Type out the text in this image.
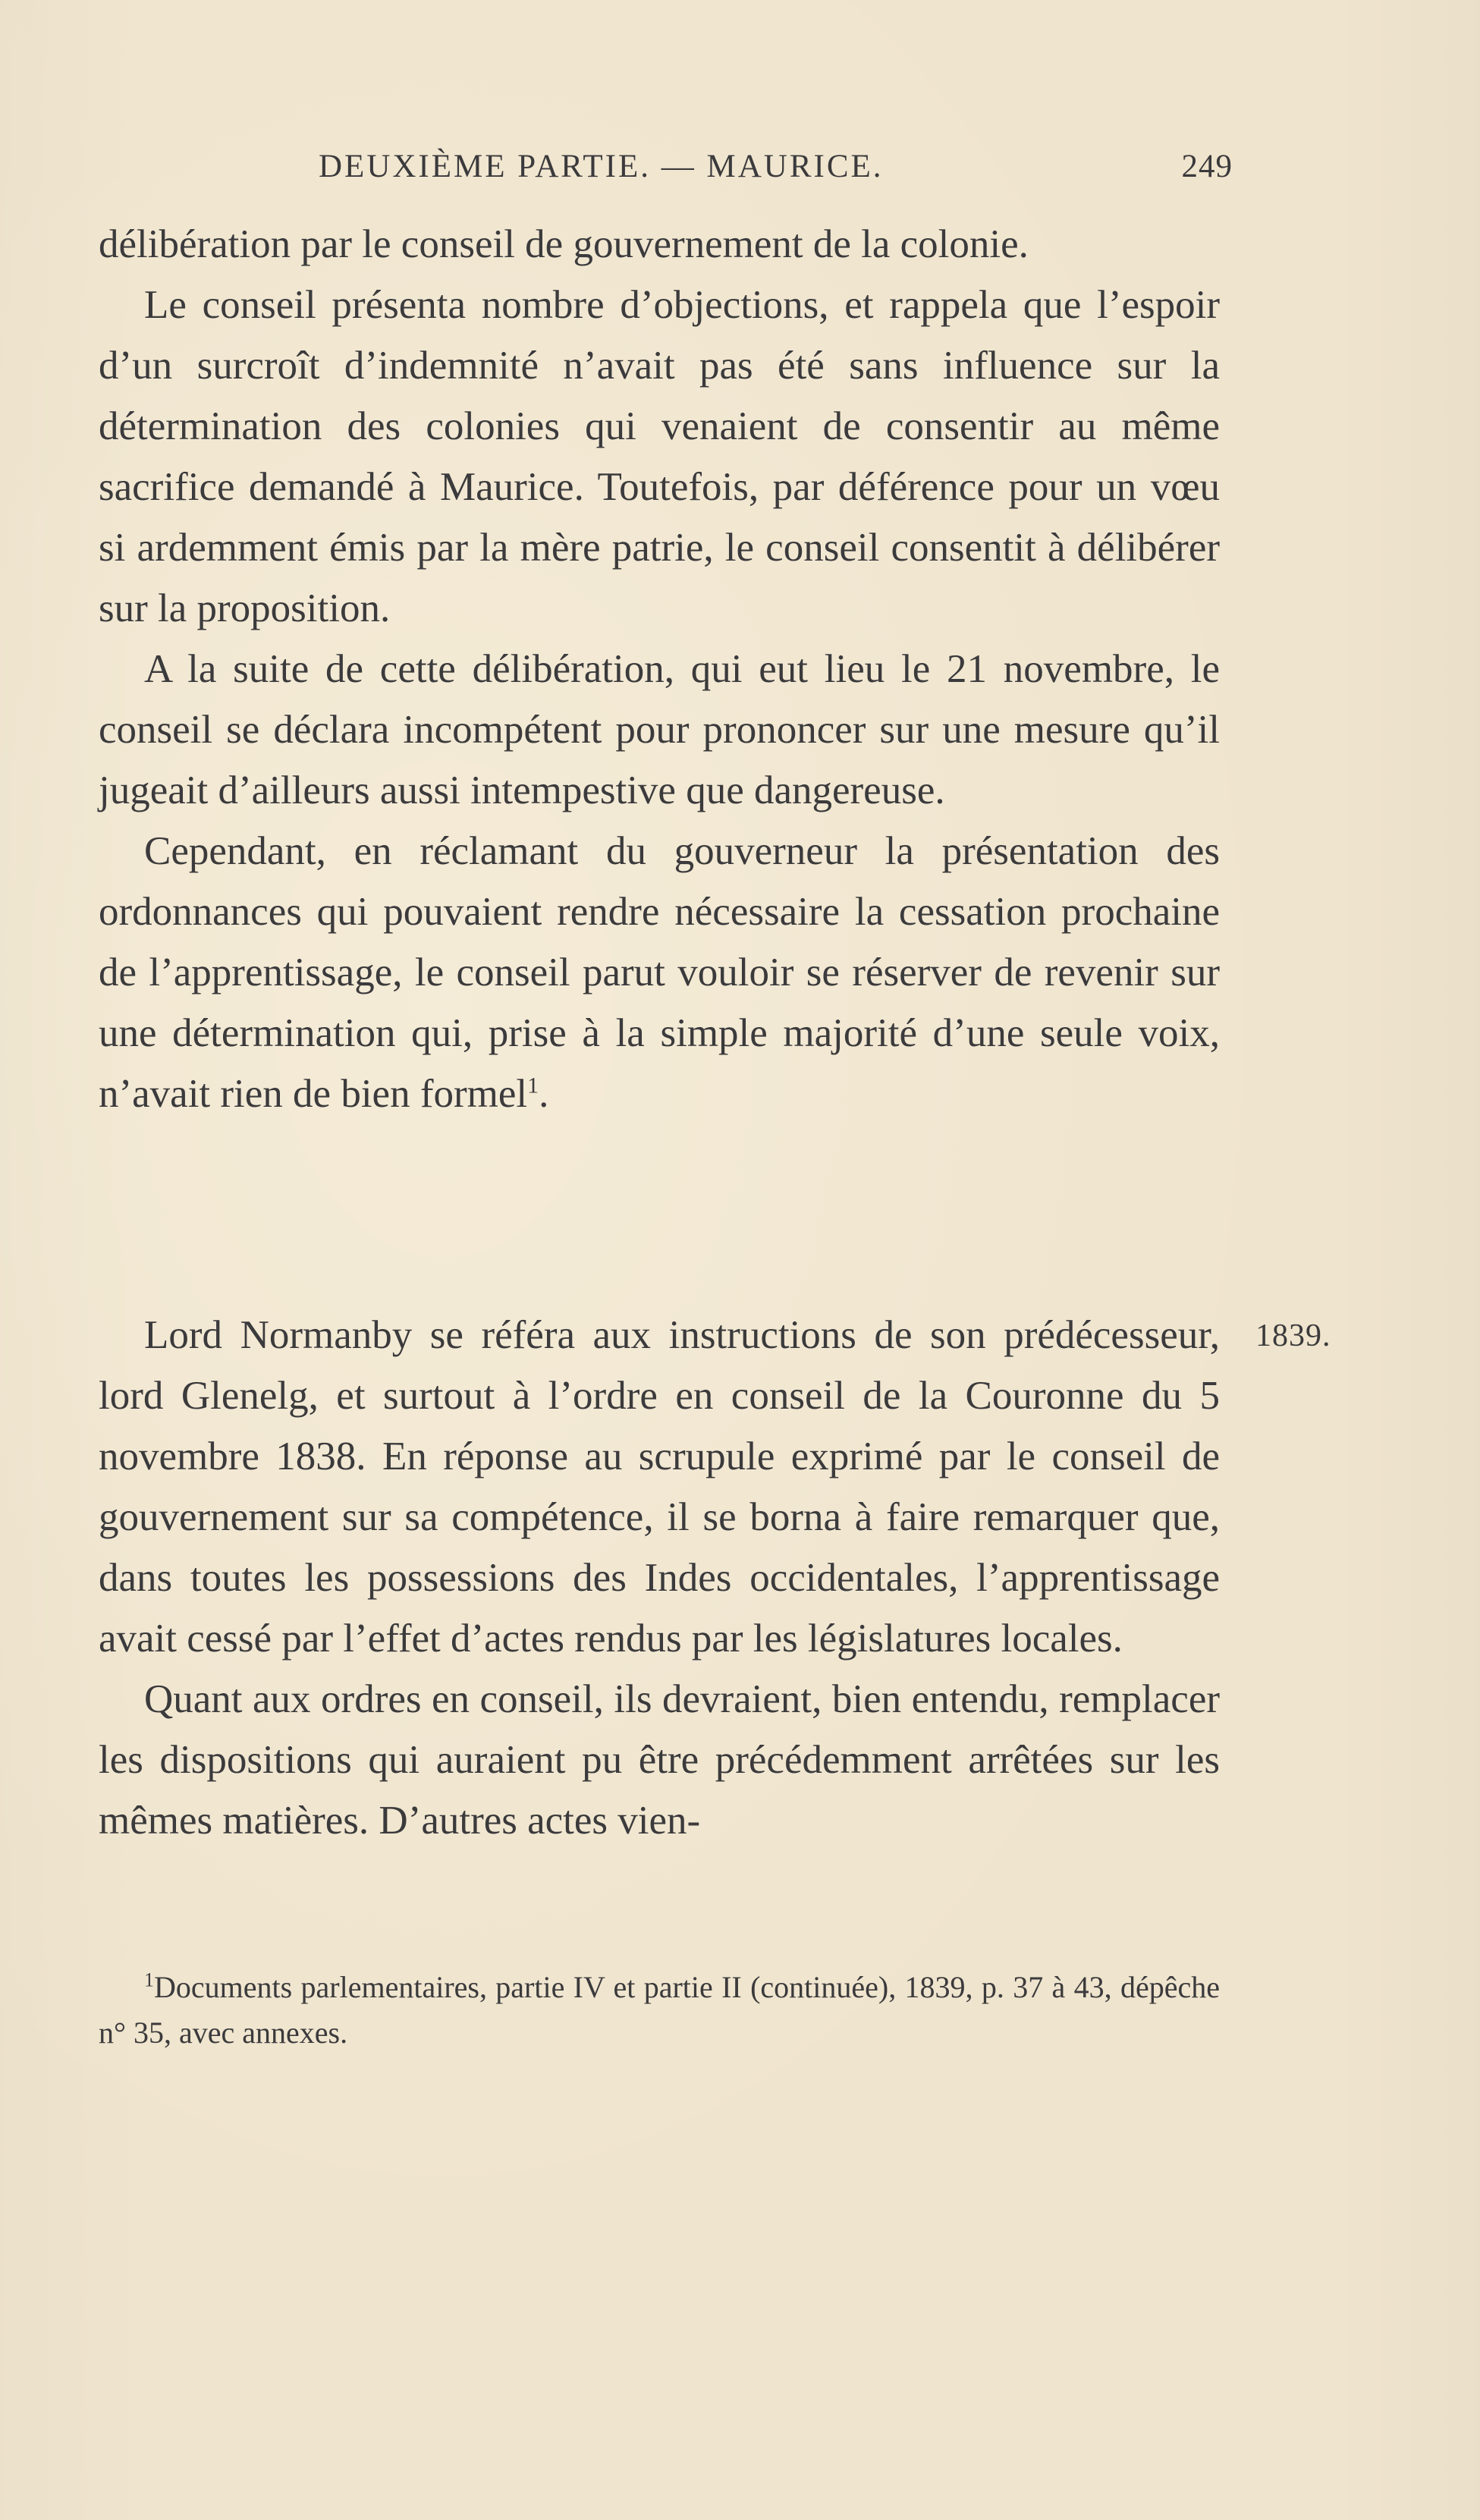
DEUXIÈME PARTIE. — MAURICE.	249

délibération par le conseil de gouvernement de la colonie.

Le conseil présenta nombre d’objections, et rappela que l’espoir d’un surcroît d’indemnité n’avait pas été sans influence sur la détermination des colonies qui venaient de consentir au même sacrifice demandé à Maurice. Toutefois, par déférence pour un vœu si ardemment émis par la mère patrie, le conseil consentit à délibérer sur la proposition.

A la suite de cette délibération, qui eut lieu le 21 novembre, le conseil se déclara incompétent pour prononcer sur une mesure qu’il jugeait d’ailleurs aussi intempestive que dangereuse.

Cependant, en réclamant du gouverneur la présentation des ordonnances qui pouvaient rendre nécessaire la cessation prochaine de l’apprentissage, le conseil parut vouloir se réserver de revenir sur une détermination qui, prise à la simple majorité d’une seule voix, n’avait rien de bien formel$^1$.

1839.

Lord Normanby se référa aux instructions de son prédécesseur, lord Glenelg, et surtout à l’ordre en conseil de la Couronne du 5 novembre 1838. En réponse au scrupule exprimé par le conseil de gouvernement sur sa compétence, il se borna à faire remarquer que, dans toutes les possessions des Indes occidentales, l’apprentissage avait cessé par l’effet d’actes rendus par les législatures locales.

Quant aux ordres en conseil, ils devraient, bien entendu, remplacer les dispositions qui auraient pu être précédemment arrêtées sur les mêmes matières. D’autres actes vien-

$^1$Documents parlementaires, partie IV et partie II (continuée), 1839, p. 37 à 43, dépêche n° 35, avec annexes.
